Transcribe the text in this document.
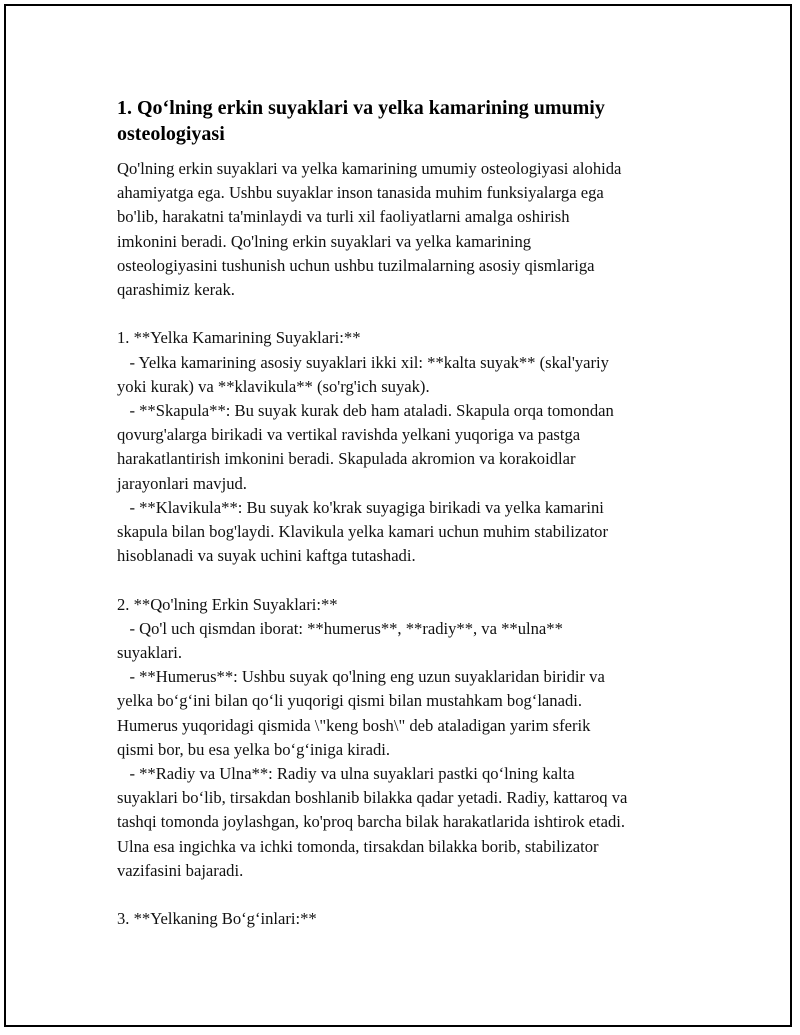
1. Qo‘lning erkin suyaklari va yelka kamarining umumiy osteologiyasi
Qo'lning erkin suyaklari va yelka kamarining umumiy osteologiyasi alohida
ahamiyatga ega. Ushbu suyaklar inson tanasida muhim funksiyalarga ega
bo'lib, harakatni ta'minlaydi va turli xil faoliyatlarni amalga oshirish
imkonini beradi. Qo'lning erkin suyaklari va yelka kamarining
osteologiyasini tushunish uchun ushbu tuzilmalarning asosiy qismlariga
qarashimiz kerak.
1. **Yelka Kamarining Suyaklari:**
- Yelka kamarining asosiy suyaklari ikki xil: **kalta suyak** (skal'yariy
yoki kurak) va **klavikula** (so'rg'ich suyak).
- **Skapula**: Bu suyak kurak deb ham ataladi. Skapula orqa tomondan
qovurg'alarga birikadi va vertikal ravishda yelkani yuqoriga va pastga
harakatlantirish imkonini beradi. Skapulada akromion va korakoidlar
jarayonlari mavjud.
- **Klavikula**: Bu suyak ko'krak suyagiga birikadi va yelka kamarini
skapula bilan bog'laydi. Klavikula yelka kamari uchun muhim stabilizator
hisoblanadi va suyak uchini kaftga tutashadi.
2. **Qo'lning Erkin Suyaklari:**
- Qo'l uch qismdan iborat: **humerus**, **radiy**, va **ulna**
suyaklari.
- **Humerus**: Ushbu suyak qo'lning eng uzun suyaklaridan biridir va
yelka bo‘g‘ini bilan qo‘li yuqorigi qismi bilan mustahkam bog‘lanadi.
Humerus yuqoridagi qismida \"keng bosh\" deb ataladigan yarim sferik
qismi bor, bu esa yelka bo‘g‘iniga kiradi.
- **Radiy va Ulna**: Radiy va ulna suyaklari pastki qo‘lning kalta
suyaklari bo‘lib, tirsakdan boshlanib bilakka qadar yetadi. Radiy, kattaroq va
tashqi tomonda joylashgan, ko'proq barcha bilak harakatlarida ishtirok etadi.
Ulna esa ingichka va ichki tomonda, tirsakdan bilakka borib, stabilizator
vazifasini bajaradi.
3. **Yelkaning Bo‘g‘inlari:**
